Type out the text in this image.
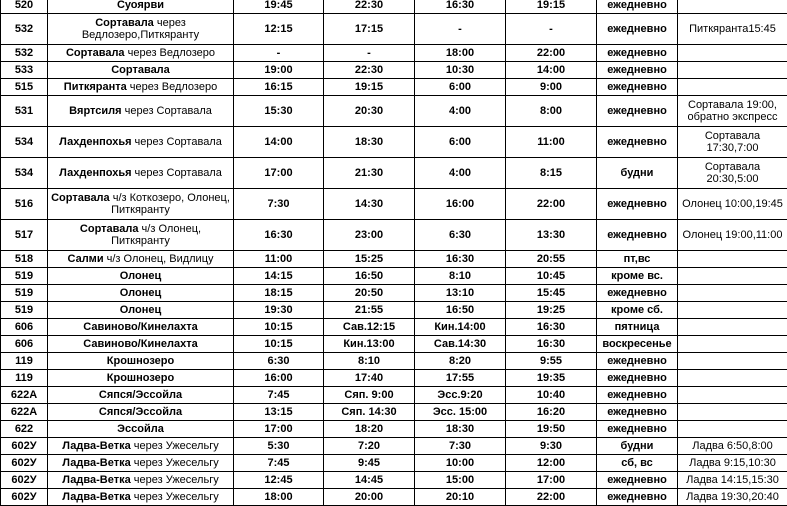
520	Суоярви	19:45	22:30	16:30	19:15	ежедневно	
532	Сортавала через Ведлозеро,Питкяранту	12:15	17:15	-	-	ежедневно	Питкяранта15:45
532	Сортавала через Ведлозеро	-	-	18:00	22:00	ежедневно	
533	Сортавала	19:00	22:30	10:30	14:00	ежедневно	
515	Питкяранта через Ведлозеро	16:15	19:15	6:00	9:00	ежедневно	
531	Вяртсиля через Сортавала	15:30	20:30	4:00	8:00	ежедневно	Сортавала 19:00, обратно экспресс
534	Лахденпохья через Сортавала	14:00	18:30	6:00	11:00	ежедневно	Сортавала 17:30,7:00
534	Лахденпохья через Сортавала	17:00	21:30	4:00	8:15	будни	Сортавала 20:30,5:00
516	Сортавала ч/з Коткозеро, Олонец, Питкяранту	7:30	14:30	16:00	22:00	ежедневно	Олонец 10:00,19:45
517	Сортавала ч/з Олонец, Питкяранту	16:30	23:00	6:30	13:30	ежедневно	Олонец 19:00,11:00
518	Салми ч/з Олонец, Видлицу	11:00	15:25	16:30	20:55	пт,вс	
519	Олонец	14:15	16:50	8:10	10:45	кроме вс.	
519	Олонец	18:15	20:50	13:10	15:45	ежедневно	
519	Олонец	19:30	21:55	16:50	19:25	кроме сб.	
606	Савиново/Кинелахта	10:15	Сав.12:15	Кин.14:00	16:30	пятница	
606	Савиново/Кинелахта	10:15	Кин.13:00	Сав.14:30	16:30	воскресенье	
119	Крошнозеро	6:30	8:10	8:20	9:55	ежедневно	
119	Крошнозеро	16:00	17:40	17:55	19:35	ежедневно	
622А	Сяпся/Эссойла	7:45	Сяп. 9:00	Эсс.9:20	10:40	ежедневно	
622А	Сяпся/Эссойла	13:15	Сяп. 14:30	Эсс. 15:00	16:20	ежедневно	
622	Эссойла	17:00	18:20	18:30	19:50	ежедневно	
602У	Ладва-Ветка через Ужесельгу	5:30	7:20	7:30	9:30	будни	Ладва 6:50,8:00
602У	Ладва-Ветка через Ужесельгу	7:45	9:45	10:00	12:00	сб, вс	Ладва 9:15,10:30
602У	Ладва-Ветка через Ужесельгу	12:45	14:45	15:00	17:00	ежедневно	Ладва 14:15,15:30
602У	Ладва-Ветка через Ужесельгу	18:00	20:00	20:10	22:00	ежедневно	Ладва 19:30,20:40
